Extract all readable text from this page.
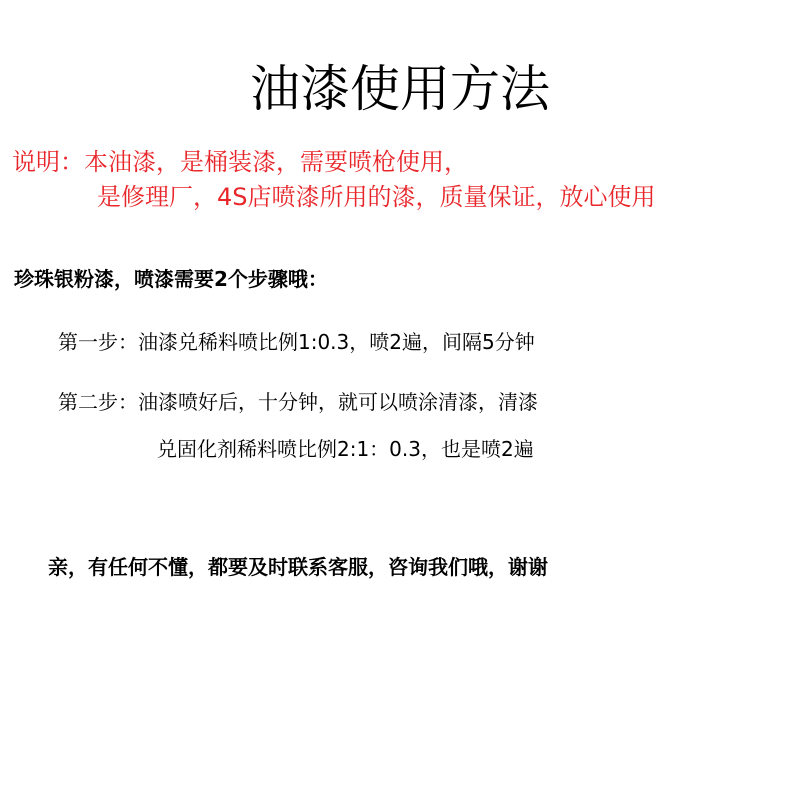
油漆使用方法
说明：本油漆，是桶装漆，需要喷枪使用，
是修理厂，4S店喷漆所用的漆，质量保证，放心使用
珍珠银粉漆，喷漆需要2个步骤哦：
第一步：油漆兑稀料喷比例1:0.3，喷2遍，间隔5分钟
第二步：油漆喷好后，十分钟，就可以喷涂清漆，清漆
兑固化剂稀料喷比例2:1：0.3，也是喷2遍
亲，有任何不懂，都要及时联系客服，咨询我们哦，谢谢
